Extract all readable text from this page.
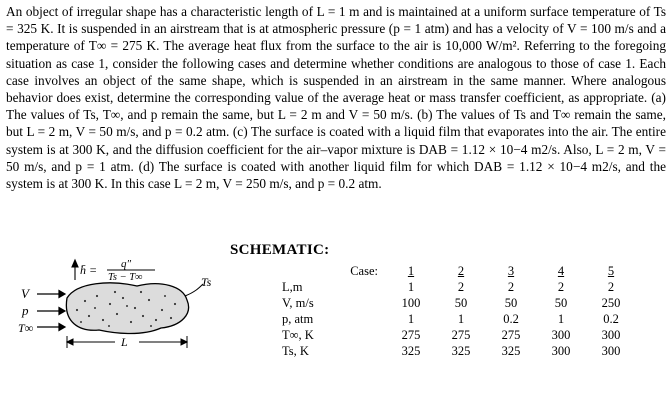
An object of irregular shape has a characteristic length of L = 1 m and is maintained at a uniform surface temperature of Ts = 325 K. It is suspended in an airstream that is at atmospheric pressure (p = 1 atm) and has a velocity of V = 100 m/s and a temperature of T∞ = 275 K. The average heat flux from the surface to the air is 10,000 W/m². Referring to the foregoing situation as case 1, consider the following cases and determine whether conditions are analogous to those of case 1. Each case involves an object of the same shape, which is suspended in an airstream in the same manner. Where analogous behavior does exist, determine the corresponding value of the average heat or mass transfer coefficient, as appropriate. (a) The values of Ts, T∞, and p remain the same, but L = 2 m and V = 50 m/s. (b) The values of Ts and T∞ remain the same, but L = 2 m, V = 50 m/s, and p = 0.2 atm. (c) The surface is coated with a liquid film that evaporates into the air. The entire system is at 300 K, and the diffusion coefficient for the air–vapor mixture is DAB = 1.12 × 10−4 m2/s. Also, L = 2 m, V = 50 m/s, and p = 1 atm. (d) The surface is coated with another liquid film for which DAB = 1.12 × 10−4 m2/s, and the system is at 300 K. In this case L = 2 m, V = 250 m/s, and p = 0.2 atm.
SCHEMATIC:
V
p
T∞
h̄ = q″
Ts − T∞	Ts
L
Case:	1	2	3	4	5
L,m	1	2	2	2	2
V, m/s	100	50	50	50	250
p, atm	1	1	0.2	1	0.2
T∞, K	275	275	275	300	300
Ts, K	325	325	325	300	300
